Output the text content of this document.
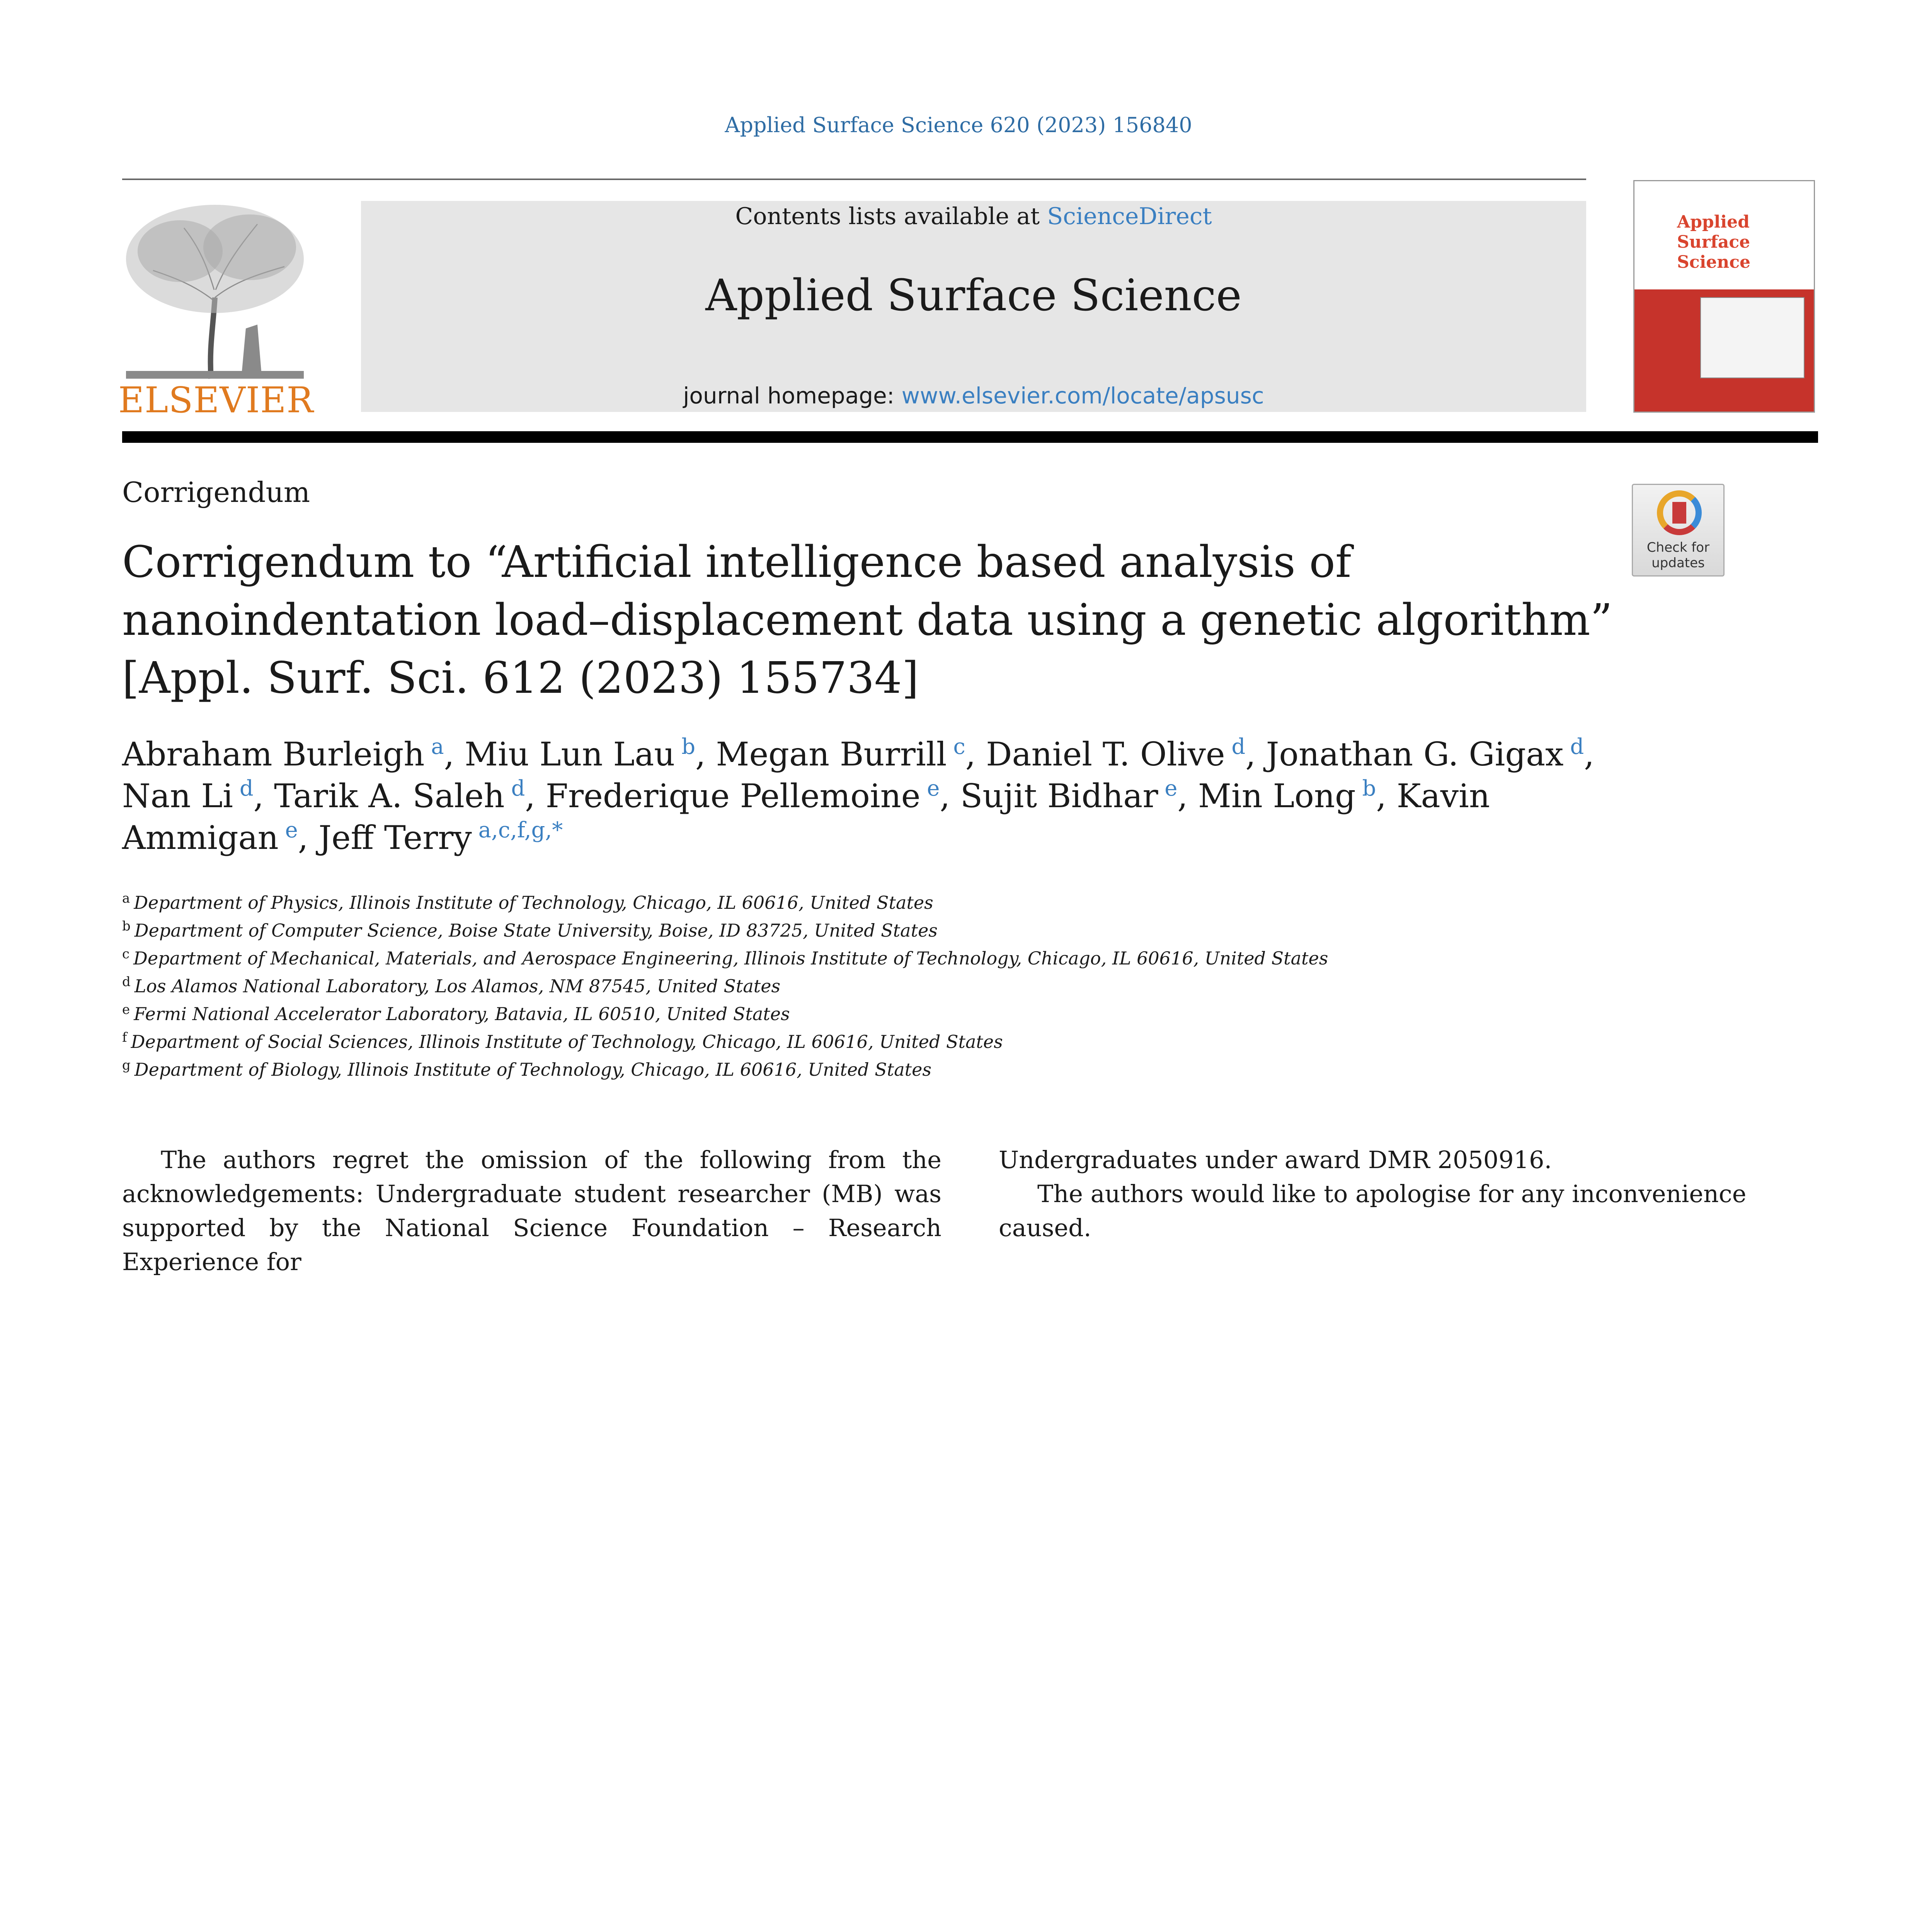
Applied Surface Science 620 (2023) 156840
ELSEVIER
Contents lists available at ScienceDirect
Applied Surface Science
journal homepage: www.elsevier.com/locate/apsusc
Applied
Surface Science
Corrigendum
Check for
updates
Corrigendum to “Artificial intelligence based analysis of nanoindentation load–displacement data using a genetic algorithm” [Appl. Surf. Sci. 612 (2023) 155734]
Abraham Burleigh  $^a$, Miu Lun Lau  $^b$, Megan Burrill  $^c$, Daniel T. Olive  $^d$, Jonathan G. Gigax  $^d$, Nan Li  $^d$, Tarik A. Saleh  $^d$, Frederique Pellemoine  $^e$, Sujit Bidhar  $^e$, Min Long  $^b$, Kavin Ammigan  $^e$, Jeff Terry  $^{a,c,f,g,*}$
$^a$ Department of Physics, Illinois Institute of Technology, Chicago, IL 60616, United States
$^b$ Department of Computer Science, Boise State University, Boise, ID 83725, United States
$^c$ Department of Mechanical, Materials, and Aerospace Engineering, Illinois Institute of Technology, Chicago, IL 60616, United States
$^d$ Los Alamos National Laboratory, Los Alamos, NM 87545, United States
$^e$ Fermi National Accelerator Laboratory, Batavia, IL 60510, United States
$^f$ Department of Social Sciences, Illinois Institute of Technology, Chicago, IL 60616, United States
$^g$ Department of Biology, Illinois Institute of Technology, Chicago, IL 60616, United States

The authors regret the omission of the following from the acknowledgements: Undergraduate student researcher (MB) was supported by the National Science Foundation – Research Experience for

Undergraduates under award DMR 2050916.

The authors would like to apologise for any inconvenience caused.
